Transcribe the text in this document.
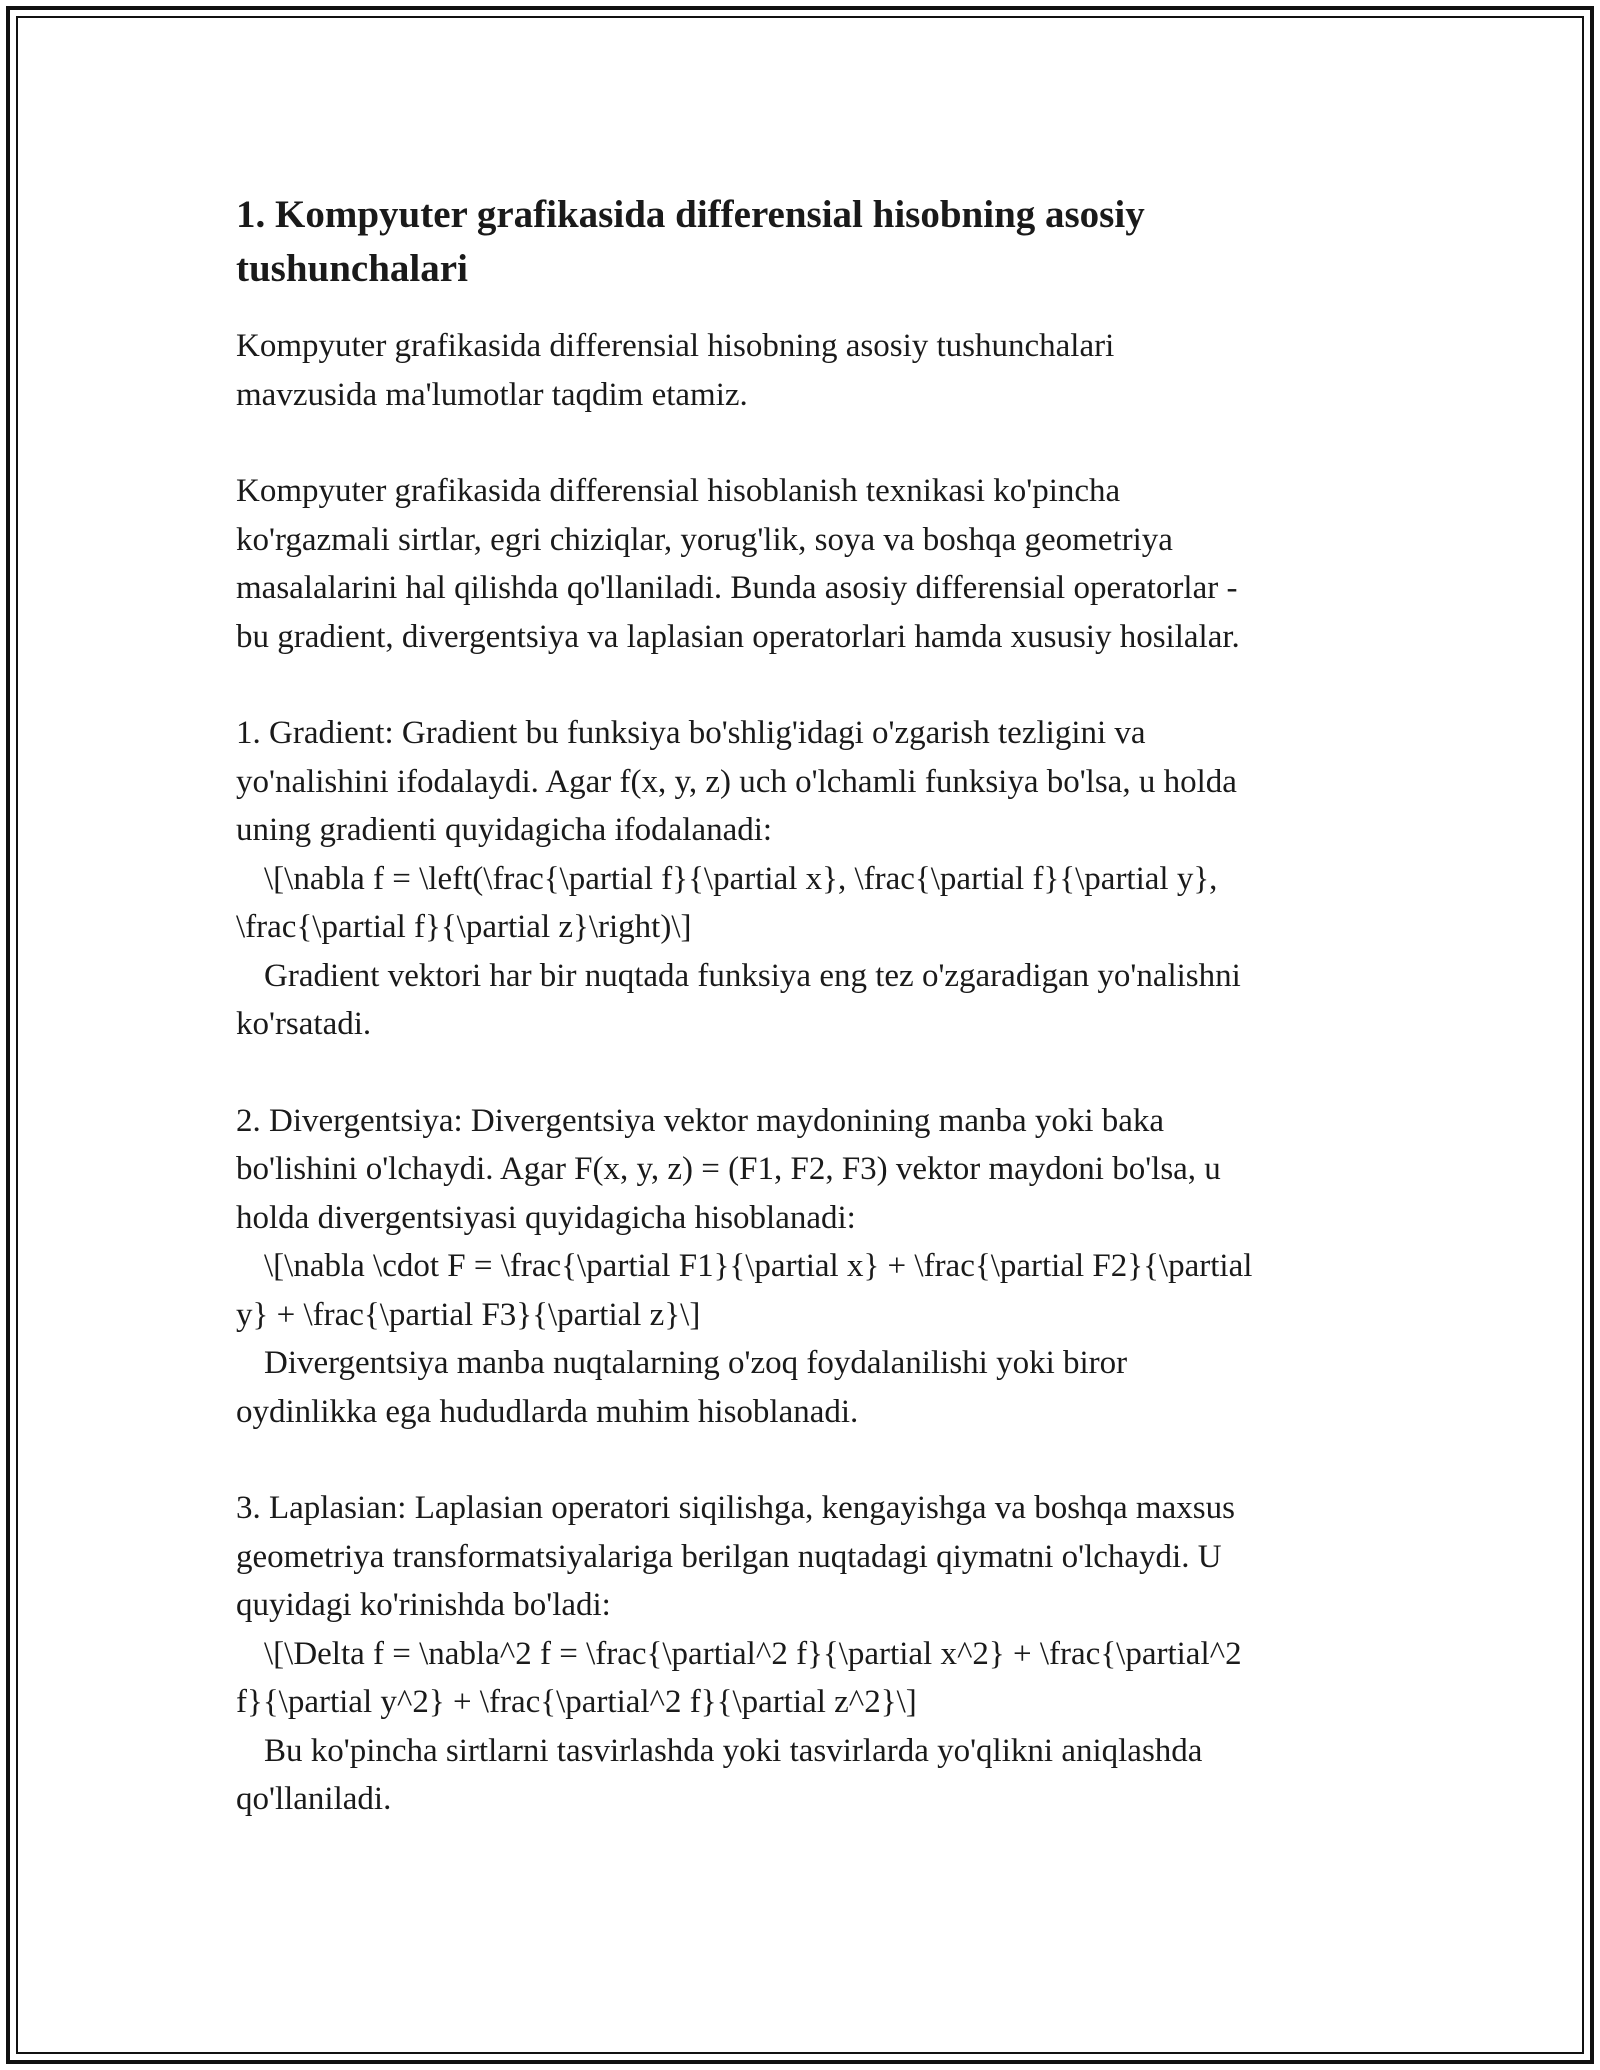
1. Kompyuter grafikasida differensial hisobning asosiy
tushunchalari

Kompyuter grafikasida differensial hisobning asosiy tushunchalari
mavzusida ma'lumotlar taqdim etamiz.

Kompyuter grafikasida differensial hisoblanish texnikasi ko'pincha
ko'rgazmali sirtlar, egri chiziqlar, yorug'lik, soya va boshqa geometriya
masalalarini hal qilishda qo'llaniladi. Bunda asosiy differensial operatorlar -
bu gradient, divergentsiya va laplasian operatorlari hamda xususiy hosilalar.

1. Gradient: Gradient bu funksiya bo'shlig'idagi o'zgarish tezligini va
yo'nalishini ifodalaydi. Agar f(x, y, z) uch o'lchamli funksiya bo'lsa, u holda
uning gradienti quyidagicha ifodalanadi:
\[\nabla f = \left(\frac{\partial f}{\partial x}, \frac{\partial f}{\partial y},
\frac{\partial f}{\partial z}\right)\]
Gradient vektori har bir nuqtada funksiya eng tez o'zgaradigan yo'nalishni
ko'rsatadi.

2. Divergentsiya: Divergentsiya vektor maydonining manba yoki baka
bo'lishini o'lchaydi. Agar F(x, y, z) = (F1, F2, F3) vektor maydoni bo'lsa, u
holda divergentsiyasi quyidagicha hisoblanadi:
\[\nabla \cdot F = \frac{\partial F1}{\partial x} + \frac{\partial F2}{\partial
y} + \frac{\partial F3}{\partial z}\]
Divergentsiya manba nuqtalarning o'zoq foydalanilishi yoki biror
oydinlikka ega hududlarda muhim hisoblanadi.

3. Laplasian: Laplasian operatori siqilishga, kengayishga va boshqa maxsus
geometriya transformatsiyalariga berilgan nuqtadagi qiymatni o'lchaydi. U
quyidagi ko'rinishda bo'ladi:
\[\Delta f = \nabla^2 f = \frac{\partial^2 f}{\partial x^2} + \frac{\partial^2
f}{\partial y^2} + \frac{\partial^2 f}{\partial z^2}\]
Bu ko'pincha sirtlarni tasvirlashda yoki tasvirlarda yo'qlikni aniqlashda
qo'llaniladi.
